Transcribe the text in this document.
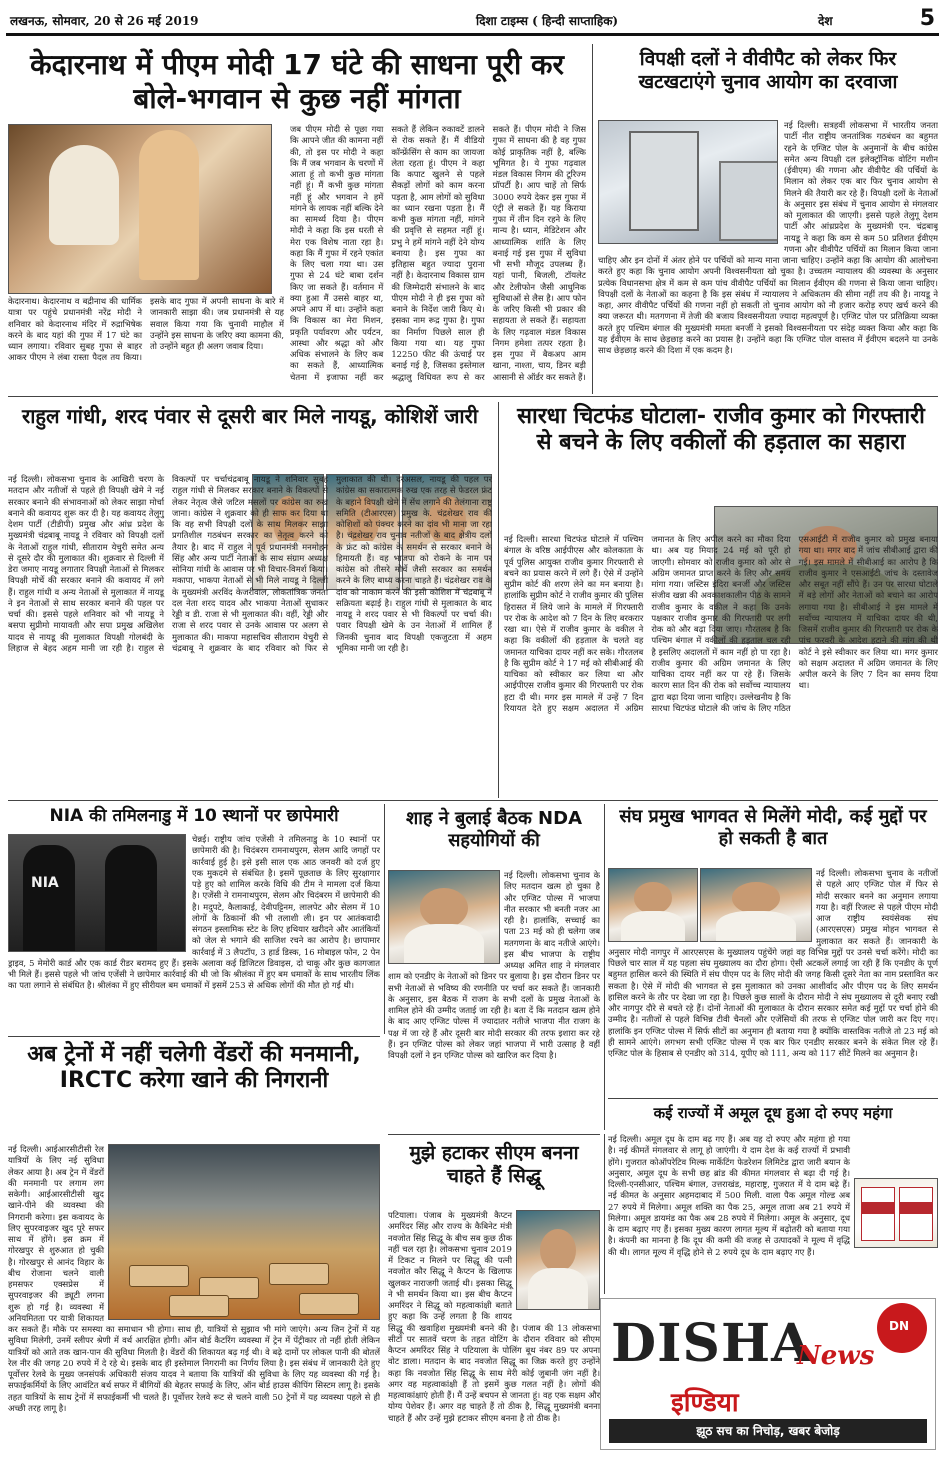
लखनऊ, सोमवार, 20 से 26 मई 2019	दिशा टाइम्स ( हिन्दी साप्ताहिक)	देश	5
केदारनाथ में पीएम मोदी 17 घंटे की साधना पूरी कर बोले-भगवान से कुछ नहीं मांगता
केदारनाथ। केदारनाथ व बद्रीनाथ की धार्मिक यात्रा पर पहुंचे प्रधानमंत्री नरेंद्र मोदी ने शनिवार को केदारनाथ मंदिर में रुद्राभिषेक करने के बाद यहां की गुफा में 17 घंटे का ध्यान लगाया। रविवार सुबह गुफा से बाहर आकर पीएम ने लंबा रास्ता पैदल तय किया। इसके बाद गुफा में अपनी साधना के बारे में जानकारी साझा की। जब प्रधानमंत्री से यह सवाल किया गया कि चुनावी माहौल में उन्होंने इस साधना के जरिए क्या कामना की, तो उन्होंने बहुत ही अलग जवाब दिया।
जब पीएम मोदी से पूछा गया कि आपने जीत की कामना नहीं की, तो इस पर मोदी ने कहा कि मैं जब भगवान के चरणों में आता हूं तो कभी कुछ मांगता नहीं हूं। मैं कभी कुछ मांगता नहीं हूं और भगवान ने हमें मांगने के लायक नहीं बल्कि देने का सामर्थ्य दिया है। पीएम मोदी ने कहा कि इस धरती से मेरा एक विशेष नाता रहा है। कहा कि मैं गुफा में रहने एकांत के लिए चला गया था। उस गुफा से 24 घंटे बाबा दर्शन किए जा सकते हैं। वर्तमान में क्या हुआ मैं उससे बाहर था, अपने आप में था। उन्होंने कहा कि विकास का मेरा मिशन, प्रकृति पर्यावरण और पर्यटन, आस्था और श्रद्धा को और अधिक संभालने के लिए कब का सकते हैं, आध्यात्मिक चेतना में इजाफा नहीं कर सकते हैं लेकिन रुकावटें डालने से रोक सकते हैं। मैं वीडियो कॉन्फ्रेंसिंग से काम का जायजा लेता रहता हूं। पीएम ने कहा कि कपाट खुलने से पहले सैकड़ों लोगों को काम करना पड़ता है, आम लोगों को सुविधा का ध्यान रखना पड़ता है। मैं कभी कुछ मांगता नहीं, मांगने की प्रवृत्ति से सहमत नहीं हूं। प्रभु ने हमें मांगने नहीं देने योग्य बनाया है। इस गुफा का इतिहास बहुत ज्यादा पुराना नहीं है। केदारनाथ विकास ग्राम की जिम्मेदारी संभालने के बाद पीएम मोदी ने ही इस गुफा को बनाने के निर्देश जारी किए थे। इसका नाम रूद्र गुफा है। गुफा का निर्माण पिछले साल ही किया गया था। यह गुफा 12250 फीट की ऊंचाई पर बनाई गई है, जिसका इस्तेमाल श्रद्धालु विधिवत रूप से कर सकते हैं। पीएम मोदी ने जिस गुफा में साधना की है वह गुफा कोई प्राकृतिक नहीं है, बल्कि भूमिगत है। ये गुफा गढ़वाल मंडल विकास निगम की टूरिज्म प्रॉपर्टी है। आप चाहें तो सिर्फ 3000 रुपये देकर इस गुफा में एंट्री ले सकते हैं। यह किराया गुफा में तीन दिन रहने के लिए मान्य है। ध्यान, मेडिटेशन और आध्यात्मिक शांति के लिए बनाई गई इस गुफा में सुविधा भी सभी मौजूद उपलब्ध हैं। यहां पानी, बिजली, टॉयलेट और टेलीफोन जैसी आधुनिक सुविधाओं से लैस है। आप फोन के जरिए किसी भी प्रकार की सहायता ले सकते हैं। सहायता के लिए गढ़वाल मंडल विकास निगम हमेशा तत्पर रहता है। इस गुफा में बैकअप आम खाना, नाश्ता, चाय, डिनर बड़ी आसानी से ऑर्डर कर सकते हैं।
विपक्षी दलों ने वीवीपैट को लेकर फिर खटखटाएंगे चुनाव आयोग का दरवाजा
नई दिल्ली। सत्रहवीं लोकसभा में भारतीय जनता पार्टी नीत राष्ट्रीय जनतांत्रिक गठबंधन का बहुमत रहने के एग्जिट पोल के अनुमानों के बीच कांग्रेस समेत अन्य विपक्षी दल इलेक्ट्रॉनिक वोटिंग मशीन (ईवीएम) की गणना और वीवीपैट की पर्चियों के मिलान को लेकर एक बार फिर चुनाव आयोग से मिलने की तैयारी कर रहे हैं। विपक्षी दलों के नेताओं के अनुसार इस संबंध में चुनाव आयोग से मंगलवार को मुलाकात की जाएगी। इससे पहले तेलुगू देशम पार्टी और आंध्रप्रदेश के मुख्यमंत्री एन. चंद्रबाबू नायडू ने कहा कि कम से कम 50 प्रतिशत ईवीएम गणना और वीवीपैट पर्चियों का मिलान किया जाना चाहिए और इन दोनों में अंतर होने पर पर्चियों को मान्य माना जाना चाहिए। उन्होंने कहा कि आयोग की आलोचना करते हुए कहा कि चुनाव आयोग अपनी विश्वसनीयता खो चुका है। उच्चतम न्यायालय की व्यवस्था के अनुसार प्रत्येक विधानसभा क्षेत्र में कम से कम पांच वीवीपैट पर्चियों का मिलान ईवीएम की गणना से किया जाना चाहिए। विपक्षी दलों के नेताओं का कहना है कि इस संबंध में न्यायालय ने अधिकतम की सीमा नहीं तय की है। नायडू ने कहा, अगर वीवीपैट पर्चियों की गणना नहीं हो सकती तो चुनाव आयोग को नौ हजार करोड़ रुपए खर्च करने की क्या जरूरत थी। मतगणना में तेजी की बजाय विश्वसनीयता ज्यादा महत्वपूर्ण है। एग्जिट पोल पर प्रतिक्रिया व्यक्त करते हुए पश्चिम बंगाल की मुख्यमंत्री ममता बनर्जी ने इसको विश्वसनीयता पर संदेह व्यक्त किया और कहा कि यह ईवीएम के साथ छेड़छाड़ करने का प्रयास है। उन्होंने कहा कि एग्जिट पोल वास्तव में ईवीएम बदलने या उनके साथ छेड़छाड़ करने की दिशा में एक कदम है।
राहुल गांधी, शरद पंवार से दूसरी बार मिले नायडू, कोशिशें जारी
नई दिल्ली। लोकसभा चुनाव के आखिरी चरण के मतदान और नतीजों से पहले ही विपक्षी खेमे ने नई सरकार बनाने की संभावनाओं को लेकर साझा मोर्चा बनाने की कवायद शुरू कर दी है। यह कवायद तेलुगु देशम पार्टी (टीडीपी) प्रमुख और आंध्र प्रदेश के मुख्यमंत्री चंद्रबाबू नायडू ने रविवार को विपक्षी दलों के नेताओं राहुल गांधी, सीताराम येचुरी समेत अन्य से दूसरे दौर की मुलाकात की। शुक्रवार से दिल्ली में डेरा जमाए नायडू लगातार विपक्षी नेताओं से मिलकर विपक्षी मोर्चे की सरकार बनाने की कवायद में लगे हैं। राहुल गांधी व अन्य नेताओं से मुलाकात में नायडू ने इन नेताओं से साथ सरकार बनाने की पहल पर चर्चा की। इससे पहले शनिवार को भी नायडू ने बसपा सुप्रीमो मायावती और सपा प्रमुख अखिलेश यादव से नायडू की मुलाकात विपक्षी गोलबंदी के लिहाज से बेहद अहम मानी जा रही है। राहुल से विकल्पों पर चर्चाचंद्रबाबू नायडू ने शनिवार सुबह राहुल गांधी से मिलकर सरकार बनाने के विकल्पों से लेकर नेतृत्व जैसे जटिल मसलों पर कांग्रेस का रुख जाना। कांग्रेस ने शुक्रवार को ही साफ कर दिया था कि वह सभी विपक्षी दलों के साथ मिलकर साझा प्रगतिशील गठबंधन सरकार का नेतृत्व करने को तैयार है। बाद में राहुल ने पूर्व प्रधानमंत्री मनमोहन सिंह और अन्य पार्टी नेताओं के साथ संग्राम अध्यक्ष सोनिया गांधी के आवास पर भी विचार-विमर्श किया। मकापा, भाकपा नेताओं से भी मिले नायडू ने दिल्ली के मुख्यमंत्री अरविंद केजरीवाल, लोकतांत्रिक जनता दल नेता शरद यादव और भाकपा नेताओं सुधाकर रेड्डी व डी. राजा से भी मुलाकात की। वहीं, रेड्डी और राजा से शरद पवार से उनके आवास पर अलग से मुलाकात की। माकपा महासचिव सीताराम येचुरी से चंद्रबाबू ने शुक्रवार के बाद रविवार को फिर से मुलाकात की थी। दरअसल, नायडू की पहल पर कांग्रेस का सकारात्मक रुख एक तरह से फेडरल फ्रंट के बहाने विपक्षी खेमे में सेंध लगाने की तेलंगाना राष्ट्र समिति (टीआरएस) प्रमुख के. चंद्रशेखर राव की कोशिशों को पंक्चर करने का दांव भी माना जा रहा है। चंद्रशेखर राव चुनाव नतीजों के बाद क्षेत्रीय दलों के फ्रंट को कांग्रेस के समर्थन से सरकार बनाने के हिमायती हैं। वह भाजपा को रोकने के नाम पर कांग्रेस को तीसरे मोर्चे जैसी सरकार का समर्थन करने के लिए बाध्य करना चाहते हैं। चंद्रशेखर राव के दांव को नाकाम करने की इसी कोशिश में चंद्रबाबू ने सक्रियता बढ़ाई है। राहुल गांधी से मुलाकात के बाद नायडू ने शरद पवार से भी विकल्पों पर चर्चा की। पवार विपक्षी खेमे के उन नेताओं में शामिल हैं जिनकी चुनाव बाद विपक्षी एकजुटता में अहम भूमिका मानी जा रही है।
सारधा चिटफंड घोटाला- राजीव कुमार को गिरफ्तारी से बचने के लिए वकीलों की हड़ताल का सहारा
नई दिल्ली। सारधा चिटफंड घोटाले में पश्चिम बंगाल के वरिष्ठ आईपीएस और कोलकाता के पूर्व पुलिस आयुक्त राजीव कुमार गिरफ्तारी से बचने का प्रयास करने में लगे हैं। ऐसे में उन्होंने सुप्रीम कोर्ट की शरण लेने का मन बनाया है। हालांकि सुप्रीम कोर्ट ने राजीव कुमार की पुलिस हिरासत में लिये जाने के मामले में गिरफ्तारी पर रोक के आदेश को 7 दिन के लिए बरकरार रखा था। ऐसे में राजीव कुमार के वकील ने कहा कि वकीलों की हड़ताल के चलते वह जमानत याचिका दायर नहीं कर सके। गौरतलब है कि सुप्रीम कोर्ट ने 17 मई को सीबीआई की याचिका को स्वीकार कर लिया था और आईपीएस राजीव कुमार की गिरफ्तारी पर रोक हटा दी थी। मगर इस मामले में उन्हें 7 दिन रियायत देते हुए सक्षम अदालत में अग्रिम जमानत के लिए अपील करने का मौका दिया था। अब यह मियाद 24 मई को पूरी हो जाएगी। सोमवार को राजीव कुमार को ओर से अग्रिम जमानत प्राप्त करने के लिए और समय मांगा गया। जस्टिस इंदिरा बनर्जी और जस्टिस संजीव खन्ना की अवकाशकालीन पीठ के सामने राजीव कुमार के वकील ने कहा कि उनके पक्षकार राजीव कुमार की गिरफ्तारी पर लगी रोक को और बढ़ा दिया जाए। गौरतलब है कि पश्चिम बंगाल में वकीलों की हड़ताल चल रही है इसलिए अदालतों में काम नहीं हो पा रहा है। राजीव कुमार की अग्रिम जमानत के लिए याचिका दायर नहीं कर पा रहे हैं। जिसके कारण सात दिन की रोक को सर्वोच्च न्यायालय द्वारा बढ़ा दिया जाना चाहिए। उल्लेखनीय है कि सारधा चिटफंड घोटाले की जांच के लिए गठित एसआईटी में राजीव कुमार को प्रमुख बनाया गया था। मगर बाद में जांच सीबीआई द्वारा की गई। इस मामले में सीबीआई का आरोप है कि राजीव कुमार ने एसआईटी जांच के दस्तावेज और सबूत नहीं सौंपे हैं। उन पर सारधा घोटाले में बड़े लोगों और नेताओं को बचाने का आरोप लगाया गया है। सीबीआई ने इस मामले में सर्वोच्च न्यायालय में याचिका दायर की थी, जिसमें राजीव कुमार की गिरफ्तारी पर रोक के पांच फरवरी के आदेश हटाने की मांग की थी कोर्ट ने इसे स्वीकार कर लिया था। मगर कुमार को सक्षम अदालत में अग्रिम जमानत के लिए अपील करने के लिए 7 दिन का समय दिया था।
NIA की तमिलनाडु में 10 स्थानों पर छापेमारी
NIA
चेन्नई। राष्ट्रीय जांच एजेंसी ने तमिलनाडु के 10 स्थानों पर छापेमारी की है। चिदंबरम रामनाथपुरम, सेलम आदि जगहों पर कार्रवाई हुई है। इसे इसी साल एक आठ जनवरी को दर्ज हुए एक मुकदमे से संबंधित है। इसमें पूछताछ के लिए सुरक्षागार पड़े हुए को शामिल करके विधि की टीम ने मामला दर्ज किया है। एजेंसी ने रामनाथपुरम, सेलम और चिदंबरम में छापेमारी की है। मदुपटे, कैलाकाई, देवीपट्टिनम, लालपेट और सेलम में 10 लोगों के ठिकानों की भी तलाशी ली। इन पर आतंकवादी संगठन इस्लामिक स्टेट के लिए हथियार खरीदने और आतंकियों को जेल से भगाने की साजिश रचने का आरोप है। छापामार कार्रवाई में 3 लैपटॉप, 3 हार्ड डिस्क, 16 मोबाइल फोन, 2 पेन ड्राइव, 5 मेमोरी कार्ड और एक कार्ड रीडर बरामद हुए हैं। इसके अलावा कई डिजिटल डिवाइस, दो चाकू और कुछ कागजात भी मिले हैं। इससे पहले भी जांच एजेंसी ने छापेमार कार्रवाई की थी जो कि श्रीलंका में हुए बम धमाकों के साथ भारतीय लिंक का पता लगाने से संबंधित है। श्रीलंका में हुए सीरीयल बम धमाकों में इसमें 253 से अधिक लोगों की मौत हो गई थी।
शाह ने बुलाई बैठक NDA सहयोगियों की
नई दिल्ली। लोकसभा चुनाव के लिए मतदान खत्म हो चुका है और एग्जिट पोल्स में भाजपा नीत सरकार भी बनती नजर आ रही है। हालांकि, सच्चाई का पता 23 मई को ही चलेगा जब मतगणना के बाद नतीजे आएंगे। इस बीच भाजपा के राष्ट्रीय अध्यक्ष अमित शाह ने मंगलवार शाम को एनडीए के नेताओं को डिनर पर बुलाया है। इस दौरान डिनर पर सभी नेताओं से भविष्य की रणनीति पर चर्चा कर सकते हैं। जानकारी के अनुसार, इस बैठक में राजग के सभी दलों के प्रमुख नेताओं के शामिल होने की उम्मीद जताई जा रही है। बता दें कि मतदान खत्म होने के बाद आए एग्जिट पोल्स में ज्यादातर नतीजे भाजपा नीत राजग के पक्ष में जा रहे हैं और दूसरी बार मोदी सरकार की तरफ इशारा कर रहे हैं। इन एग्जिट पोल्स को लेकर जहां भाजपा में भारी उत्साह है वहीं विपक्षी दलों ने इन एग्जिट पोल्स को खारिज कर दिया है।
संघ प्रमुख भागवत से मिलेंगे मोदी, कई मुद्दों पर हो सकती है बात
नई दिल्ली। लोकसभा चुनाव के नतीजों से पहले आए एग्जिट पोल में फिर से मोदी सरकार बनने का अनुमान लगाया गया है। वहीं रिजल्ट से पहले पीएम मोदी आज राष्ट्रीय स्वयंसेवक संघ (आरएसएस) प्रमुख मोहन भागवत से मुलाकात कर सकते हैं। जानकारी के अनुसार मोदी नागपुर में आरएसएस के मुख्यालय पहुंचेंगे जहां वह विभिन्न मुद्दों पर उनसे चर्चा करेंगे। मोदी का पिछले चार साल में यह पहला संघ मुख्यालय का दौरा होगा। ऐसी अटकलें लगाई जा रही हैं कि एनडीए के पूर्ण बहुमत हासिल करने की स्थिति में संघ पीएम पद के लिए मोदी की जगह किसी दूसरे नेता का नाम प्रस्तावित कर सकता है। ऐसे में मोदी की भागवत से इस मुलाकात को उनका आशीर्वाद और पीएम पद के लिए समर्थन हासिल करने के तौर पर देखा जा रहा है। पिछले कुछ सालों के दौरान मोदी ने संघ मुख्यालय से दूरी बनाए रखी और नागपुर दौरे से बचते रहे हैं। दोनों नेताओं की मुलाकात के दौरान सरकार समेत कई मुद्दों पर चर्चा होने की उम्मीद है। नतीजों से पहले विभिन्न टीवी चैनलों और एजेंसियों की तरफ से एग्जिट पोल जारी कर दिए गए। हालांकि इन एग्जिट पोल्स में सिर्फ सीटों का अनुमान ही बताया गया है क्योंकि वास्तविक नतीजे तो 23 मई को ही सामने आएंगे। लगभग सभी एग्जिट पोल्स में एक बार फिर एनडीए सरकार बनने के संकेत मिल रहे हैं। एग्जिट पोल के हिसाब से एनडीए को 314, यूपीए को 111, अन्य को 117 सीटें मिलने का अनुमान है।
अब ट्रेनों में नहीं चलेगी वेंडरों की मनमानी, IRCTC करेगा खाने की निगरानी
नई दिल्ली। आईआरसीटीसी रेल यात्रियों के लिए नई सुविधा लेकर आया है। अब ट्रेन में वेंडरों की मनमानी पर लगाम लग सकेगी। आईआरसीटीसी खुद खाने-पीने की व्यवस्था की निगरानी करेगा। इस कवायद के लिए सुपरवाइजर खुद पूरे सफर साथ में होंगे। इस क्रम में गोरखपुर से शुरुआत हो चुकी है। गोरखपुर से आनंद विहार के बीच रोजाना चलने वाली हमसफर एक्सप्रेस में सुपरवाइजर की ड्यूटी लगना शुरू हो गई है। व्यवस्था में अनियमितता पर यात्री शिकायत कर सकते हैं। मौके पर समस्या का समाधान भी होगा। साथ ही, यात्रियों से सुझाव भी मांगे जाएंगे। अन्य जिन ट्रेनों में यह सुविधा मिलेगी, उनमें स्लीपर श्रेणी में वर्थ आरक्षित होगी। ऑन बोर्ड कैटरिंग व्यवस्था में ट्रेन में पेंट्रीकार तो नहीं होती लेकिन यात्रियों को आते तक खान-पान की सुविधा मिलती है। वेंडरों की शिकायत बढ़ गई थी। वे बढ़े दामों पर लोकल पानी की बोतलें रेल नीर की जगह 20 रुपये में दे रहे थे। इसके बाद ही इस्तेमाल निगरानी का निर्णय लिया है। इस संबंध में जानकारी देते हुए पूर्वोत्तर रेलवे के मुख्य जनसंपर्क अधिकारी संजय यादव ने बताया कि यात्रियों की सुविधा के लिए यह व्यवस्था की गई है। सफाईकर्मियों के लिए आवंटित बर्थ सफर में बीगियों की बेहतर सफाई के लिए, ऑन बोर्ड हाउस कीपिंग सिस्टम लागू है। इसके तहत यात्रियों के साथ ट्रेनों में सफाईकर्मी भी चलते हैं। पूर्वोत्तर रेलवे रूट से चलने वाली 50 ट्रेनों में यह व्यवस्था पहले से ही अच्छी तरह लागू है।
मुझे हटाकर सीएम बनना चाहते हैं सिद्धू
पटियाला। पंजाब के मुख्यमंत्री कैप्टन अमरिंदर सिंह और राज्य के कैबिनेट मंत्री नवजोत सिंह सिद्धू के बीच सब कुछ ठीक नहीं चल रहा है। लोकसभा चुनाव 2019 में टिकट न मिलने पर सिद्धू की पत्नी नवजोत कौर सिद्धू ने कैप्टन के खिलाफ खुलकर नाराजगी जताई थी। इसका सिद्धू ने भी समर्थन किया था। इस बीच कैप्टन अमरिंदर ने सिद्धू को महत्वाकांक्षी बताते हुए कहा कि उन्हें लगता है कि शायद सिद्धू की खवाहिश मुख्यमंत्री बनने की है। पंजाब की 13 लोकसभा सीटों पर सातवें चरण के तहत वोटिंग के दौरान रविवार को सीएम कैप्टन अमरिंदर सिंह ने पटियाला के पोलिंग बूथ नंबर 89 पर अपना वोट डाला। मतदान के बाद नवजोत सिद्धू का जिक्र करते हुए उन्होंने कहा कि नवजोत सिंह सिद्धू के साथ मेरी कोई जुबानी जंग नहीं है। अगर वह महत्वाकांक्षी हैं तो इसमें कुछ गलत नहीं है। लोगों की महत्वाकांक्षाएं होती हैं। मैं उन्हें बचपन से जानता हूं। वह एक सक्षम और योग्य पेशेवर हैं। अगर वह चाहते हैं तो ठीक है, सिद्धू मुख्यमंत्री बनना चाहते हैं और उन्हें मुझे हटाकर सीएम बनना है तो ठीक है।
कई राज्यों में अमूल दूध हुआ दो रुपए महंगा
नई दिल्ली। अमूल दूध के दाम बढ़ गए हैं। अब यह दो रुपए और महंगा हो गया है। नई कीमतें मंगलवार से लागू हो जाएंगी। ये दाम देश के कई राज्यों में प्रभावी होंगे। गुजरात कोऑपरेटिव मिल्क मार्केटिंग फेडरेशन लिमिटेड द्वारा जारी बयान के अनुसार, अमूल दूध के सभी छह ब्रांड की कीमत मंगलवार से बढ़ा दी गई है। दिल्ली-एनसीआर, पश्चिम बंगाल, उत्तराखंड, महाराष्ट्र, गुजरात में ये दाम बढ़े हैं। नई कीमत के अनुसार अहमदाबाद में 500 मिली. वाला पैक अमूल गोल्ड अब 27 रुपये में मिलेगा। अमूल शक्ति का पैक 25, अमूल ताजा अब 21 रुपये में मिलेगा। अमूल डायमंड का पैक अब 28 रुपये में मिलेगा। अमूल के अनुसार, दूध के दाम बढ़ाए गए हैं। इसका मुख्य कारण लागत मूल्य में बढ़ोतरी को बताया गया है। कंपनी का मानना है कि दूध की कमी की वजह से उत्पादकों ने मूल्य में वृद्धि की थी। लागत मूल्य में वृद्धि होने से 2 रुपये दूध के दाम बढ़ाए गए हैं।
DISHA
News
DN
इण्डिया
झूठ सच का निचोड़, खबर बेजोड़
